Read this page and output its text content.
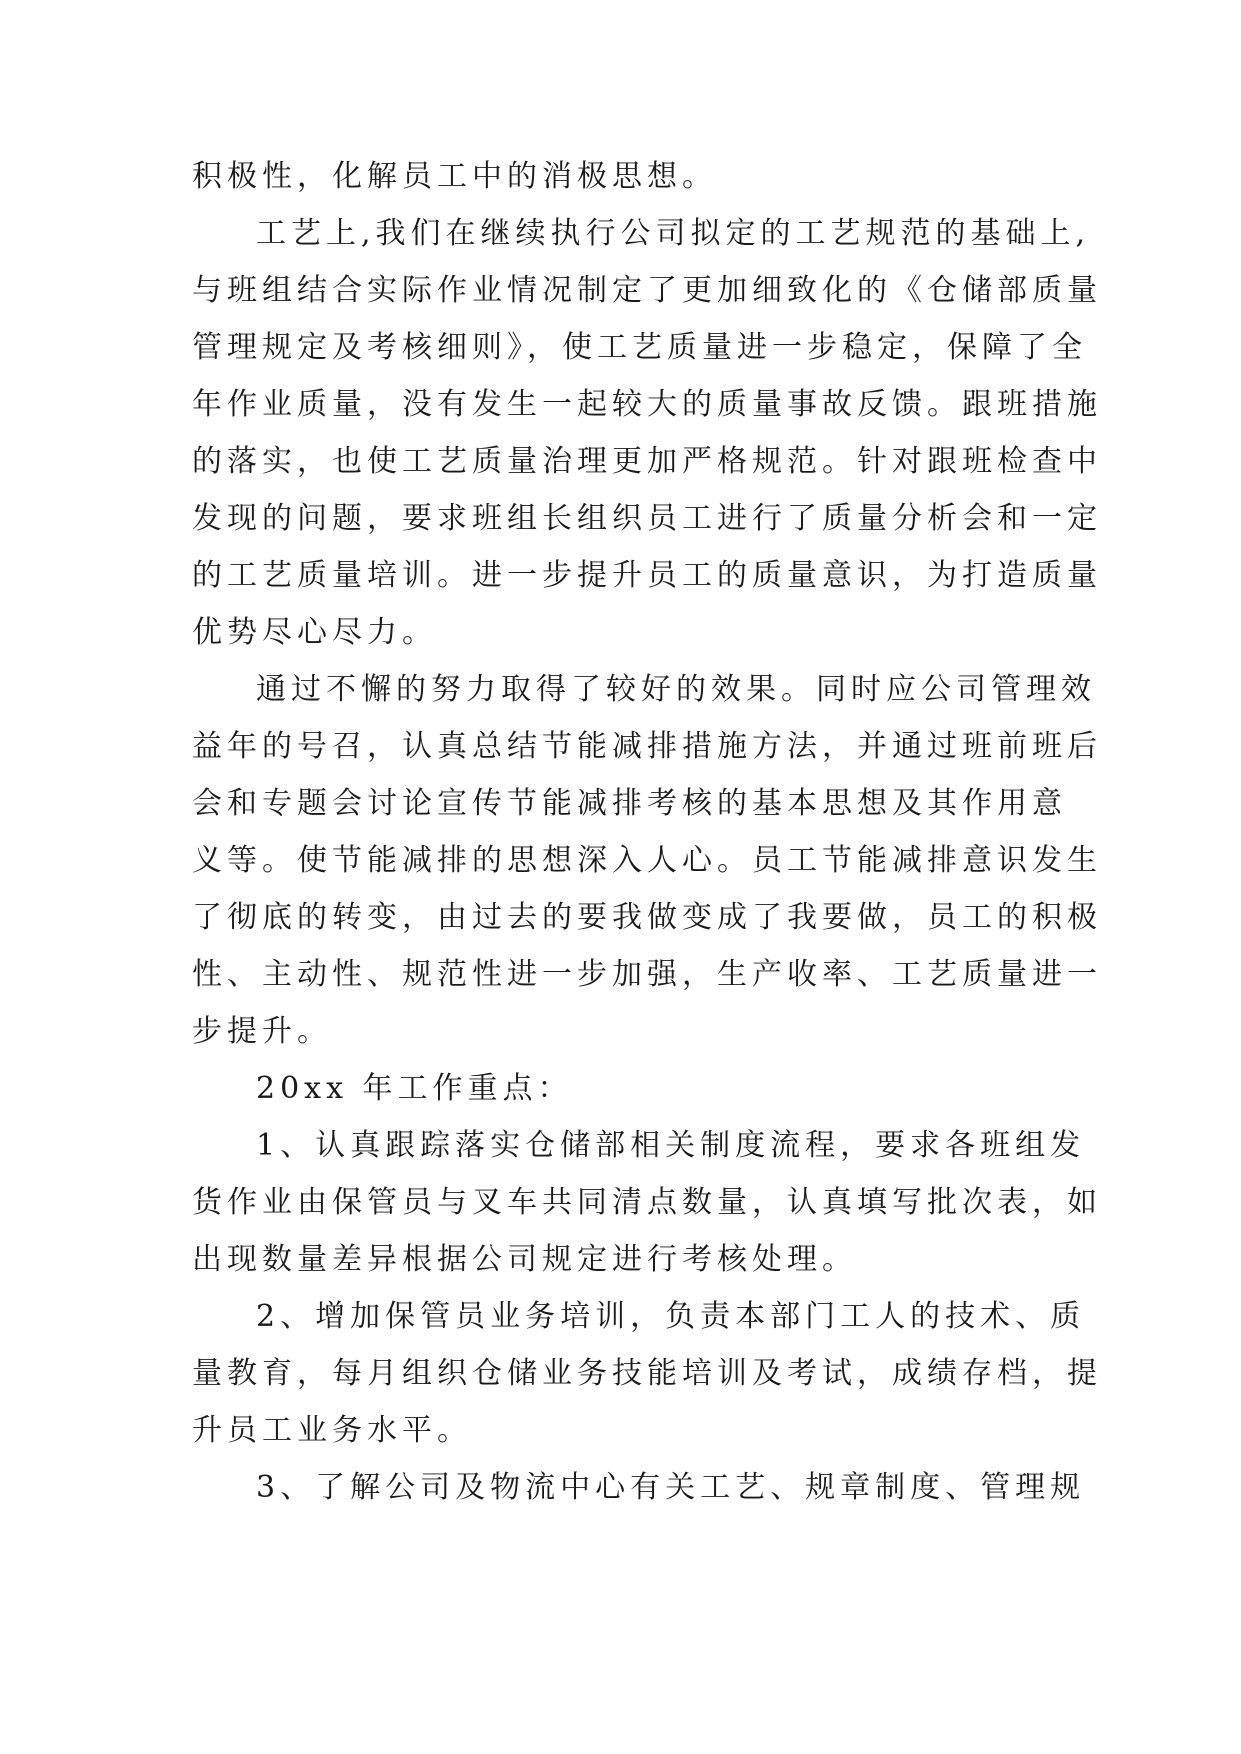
积极性，化解员工中的消极思想。
工艺上,我们在继续执行公司拟定的工艺规范的基础上,
与班组结合实际作业情况制定了更加细致化的《仓储部质量
管理规定及考核细则》，使工艺质量进一步稳定，保障了全
年作业质量，没有发生一起较大的质量事故反馈。跟班措施
的落实，也使工艺质量治理更加严格规范。针对跟班检查中
发现的问题，要求班组长组织员工进行了质量分析会和一定
的工艺质量培训。进一步提升员工的质量意识，为打造质量
优势尽心尽力。
通过不懈的努力取得了较好的效果。同时应公司管理效
益年的号召，认真总结节能减排措施方法，并通过班前班后
会和专题会讨论宣传节能减排考核的基本思想及其作用意
义等。使节能减排的思想深入人心。员工节能减排意识发生
了彻底的转变，由过去的要我做变成了我要做，员工的积极
性、主动性、规范性进一步加强，生产收率、工艺质量进一
步提升。
20xx 年工作重点：
1、认真跟踪落实仓储部相关制度流程，要求各班组发
货作业由保管员与叉车共同清点数量，认真填写批次表，如
出现数量差异根据公司规定进行考核处理。
2、增加保管员业务培训，负责本部门工人的技术、质
量教育，每月组织仓储业务技能培训及考试，成绩存档，提
升员工业务水平。
3、了解公司及物流中心有关工艺、规章制度、管理规
